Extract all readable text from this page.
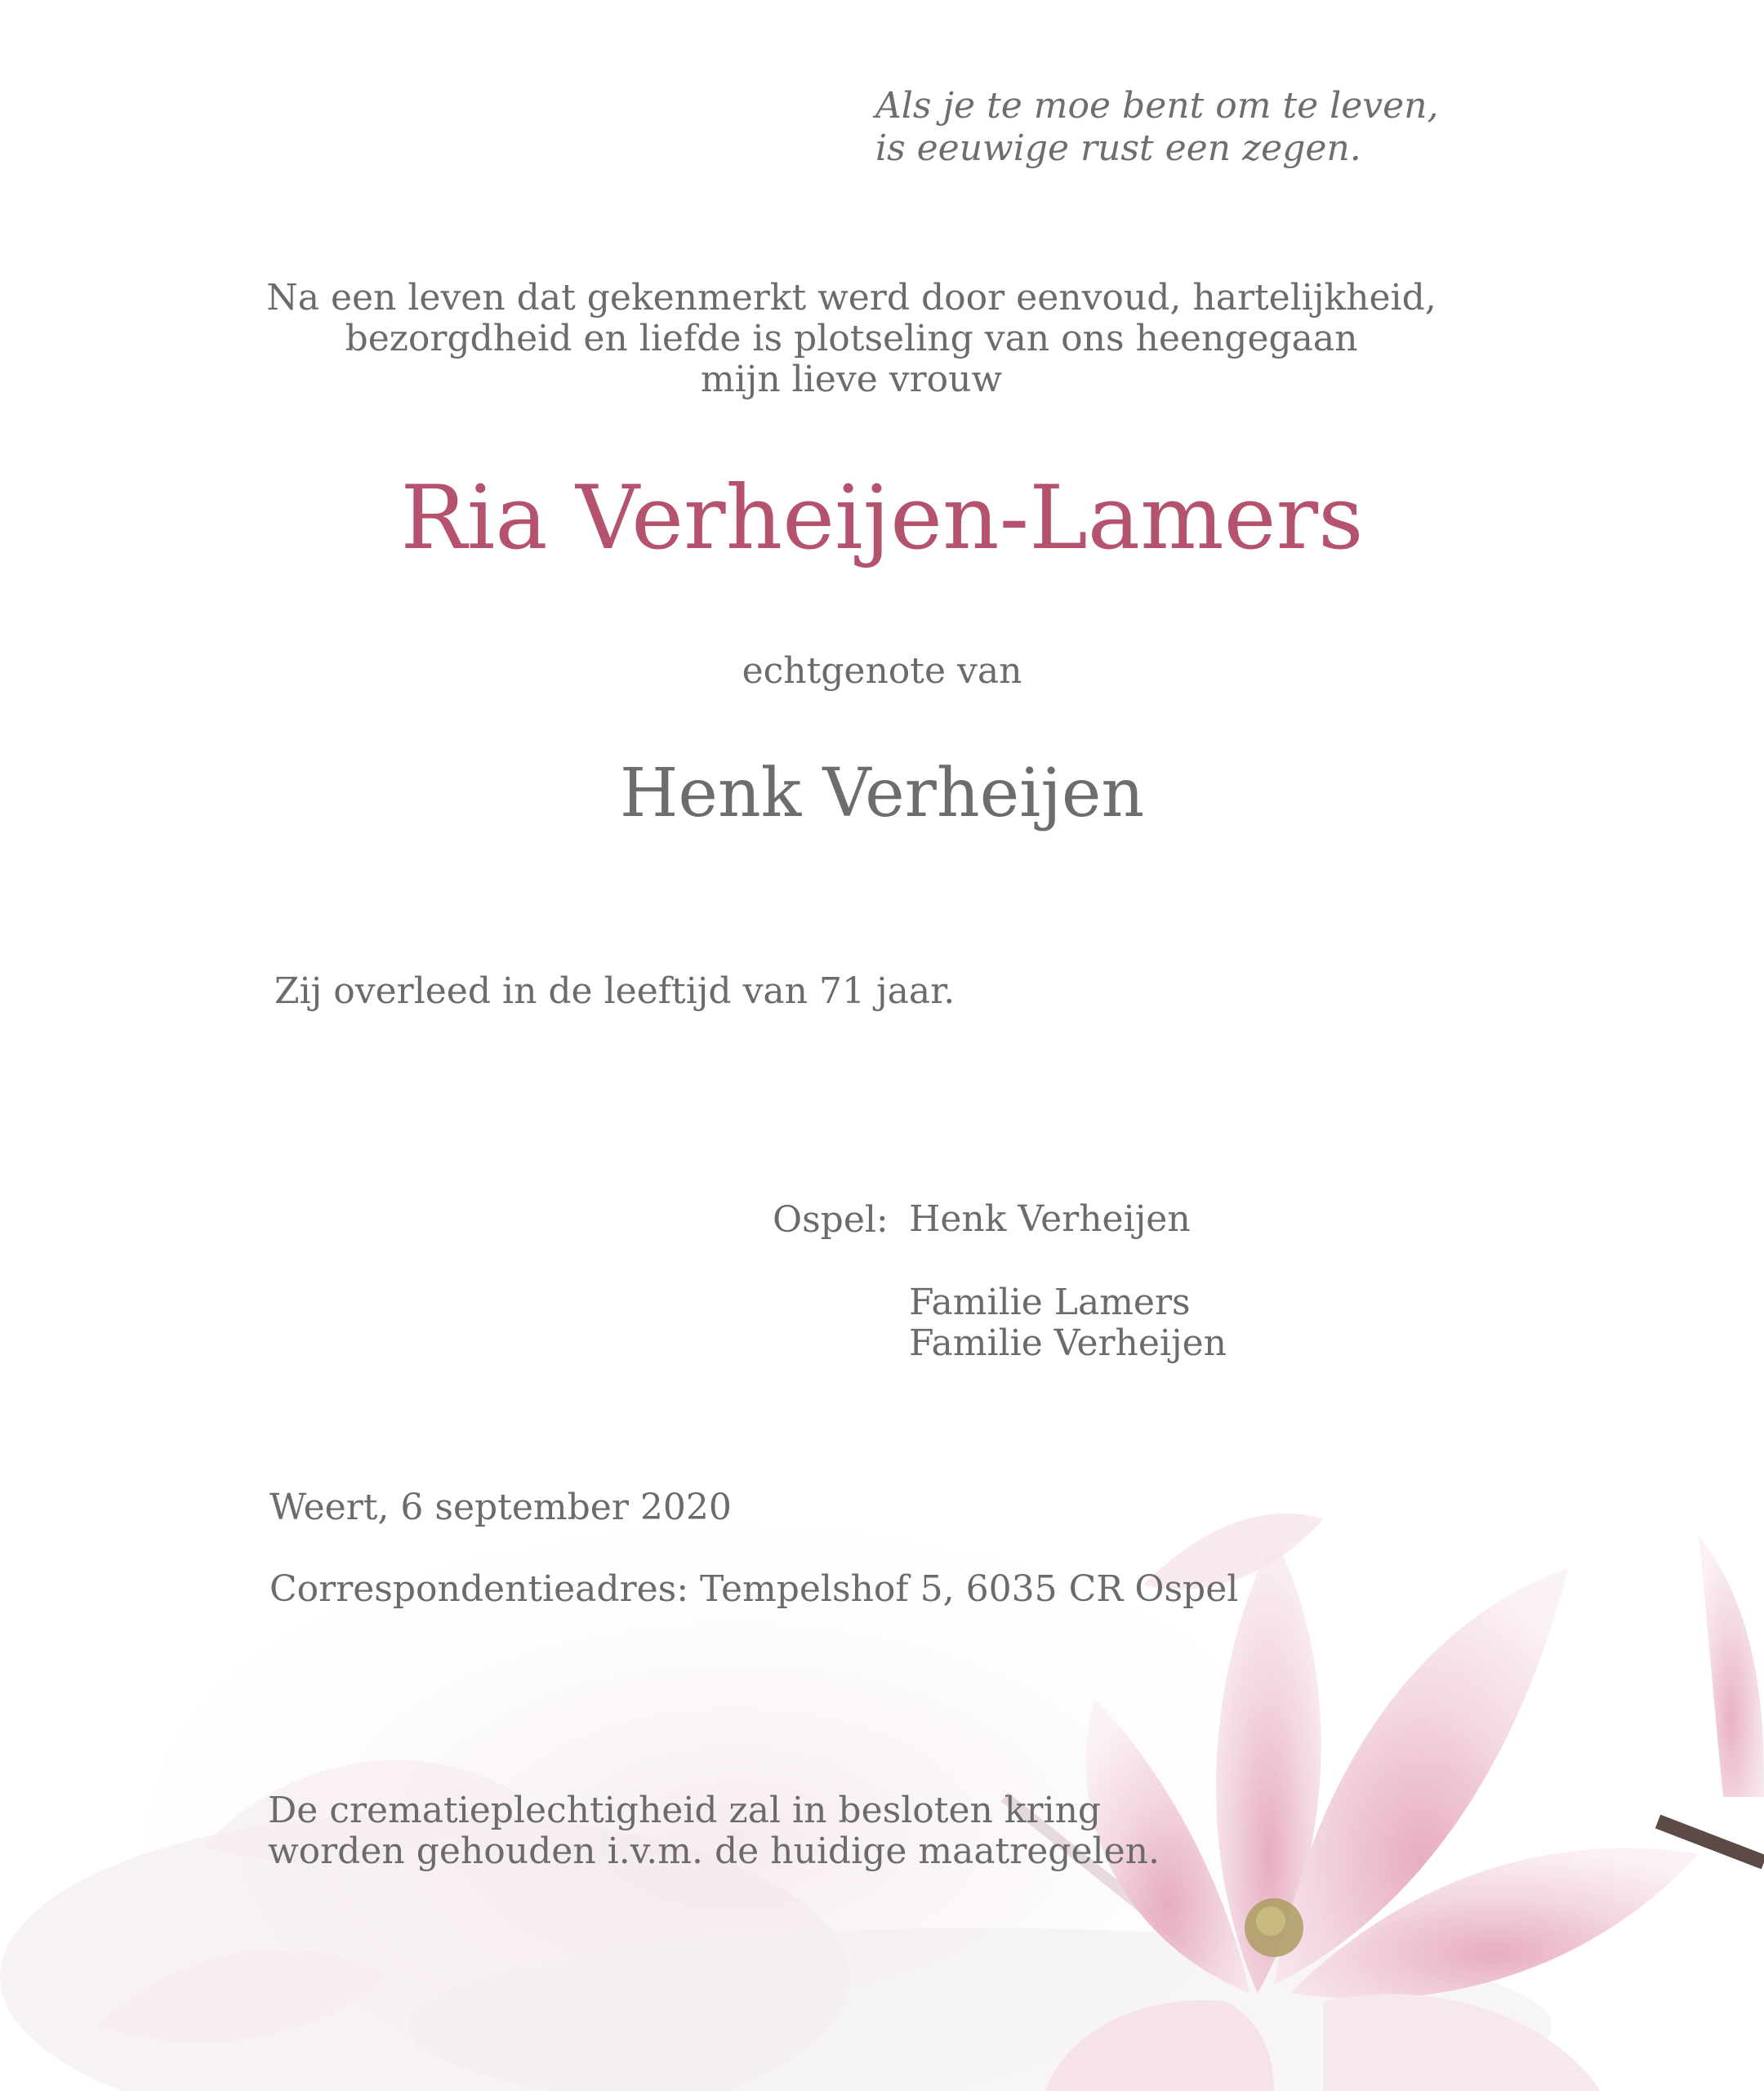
Als je te moe bent om te leven,
is eeuwige rust een zegen.
Na een leven dat gekenmerkt werd door eenvoud, hartelijkheid,
bezorgdheid en liefde is plotseling van ons heengegaan
mijn lieve vrouw
Ria Verheijen-Lamers
echtgenote van
Henk Verheijen
Zij overleed in de leeftijd van 71 jaar.
Ospel: Henk Verheijen
Familie Lamers
Familie Verheijen
Weert, 6 september 2020
Correspondentieadres: Tempelshof 5, 6035 CR Ospel
De crematieplechtigheid zal in besloten kring
worden gehouden i.v.m. de huidige maatregelen.
